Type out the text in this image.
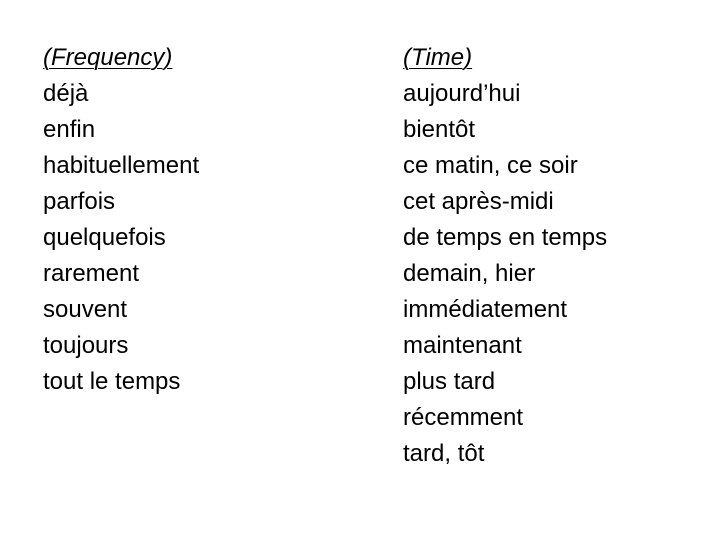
(Frequency)
déjà
enfin
habituellement
parfois
quelquefois
rarement
souvent
toujours
tout le temps
(Time)
aujourd’hui
bientôt
ce matin, ce soir
cet après-midi
de temps en temps
demain, hier
immédiatement
maintenant
plus tard
récemment
tard, tôt
